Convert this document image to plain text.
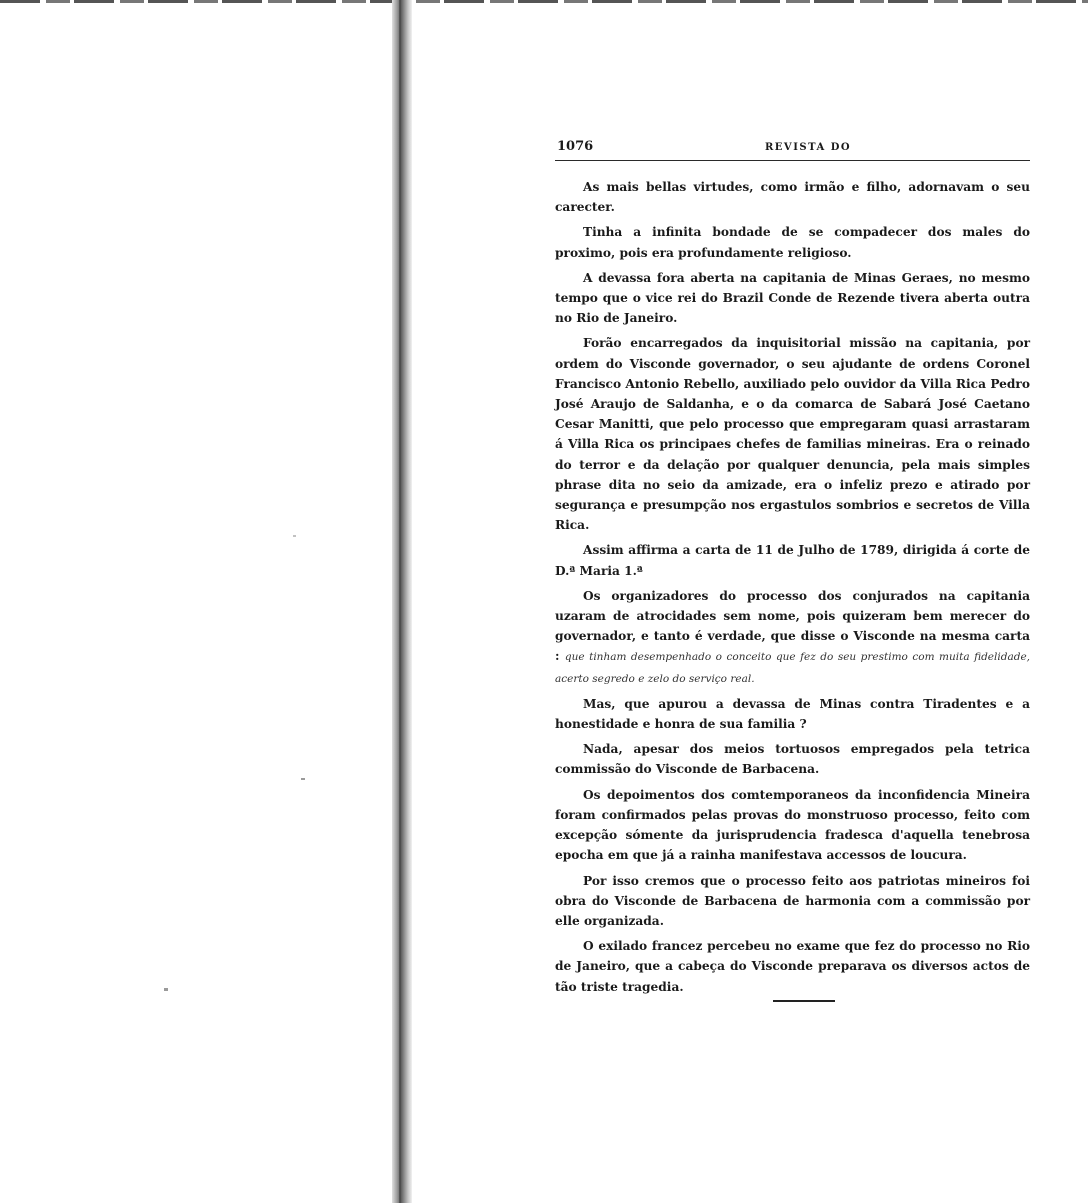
1076	REVISTA DO

As mais bellas virtudes, como irmão e filho, adornavam o seu carecter.

Tinha a infinita bondade de se compadecer dos males do proximo, pois era profundamente religioso.

A devassa fora aberta na capitania de Minas Geraes, no mesmo tempo que o vice rei do Brazil Conde de Rezende tivera aberta outra no Rio de Janeiro.

Forão encarregados da inquisitorial missão na capitania, por ordem do Visconde governador, o seu ajudante de ordens Coronel Francisco Antonio Rebello, auxiliado pelo ouvidor da Villa Rica Pedro José Araujo de Saldanha, e o da comarca de Sabará José Caetano Cesar Manitti, que pelo processo que empregaram quasi arrastaram á Villa Rica os principaes chefes de familias mineiras. Era o reinado do terror e da delação por qualquer denuncia, pela mais simples phrase dita no seio da amizade, era o infeliz prezo e atirado por segurança e presumpção nos ergastulos sombrios e secretos de Villa Rica.

Assim affirma a carta de 11 de Julho de 1789, dirigida á corte de D.ª Maria 1.ª

Os organizadores do processo dos conjurados na capitania uzaram de atrocidades sem nome, pois quizeram bem merecer do governador, e tanto é verdade, que disse o Visconde na mesma carta : que tinham desempenhado o conceito que fez do seu prestimo com muita fidelidade, acerto segredo e zelo do serviço real.

Mas, que apurou a devassa de Minas contra Tiradentes e a honestidade e honra de sua familia ?

Nada, apesar dos meios tortuosos empregados pela tetrica commissão do Visconde de Barbacena.

Os depoimentos dos comtemporaneos da inconfidencia Mineira foram confirmados pelas provas do monstruoso processo, feito com excepção sómente da jurisprudencia fradesca d'aquella tenebrosa epocha em que já a rainha manifestava accessos de loucura.

Por isso cremos que o processo feito aos patriotas mineiros foi obra do Visconde de Barbacena de harmonia com a commissão por elle organizada.

O exilado francez percebeu no exame que fez do processo no Rio de Janeiro, que a cabeça do Visconde preparava os diversos actos de tão triste tragedia.
